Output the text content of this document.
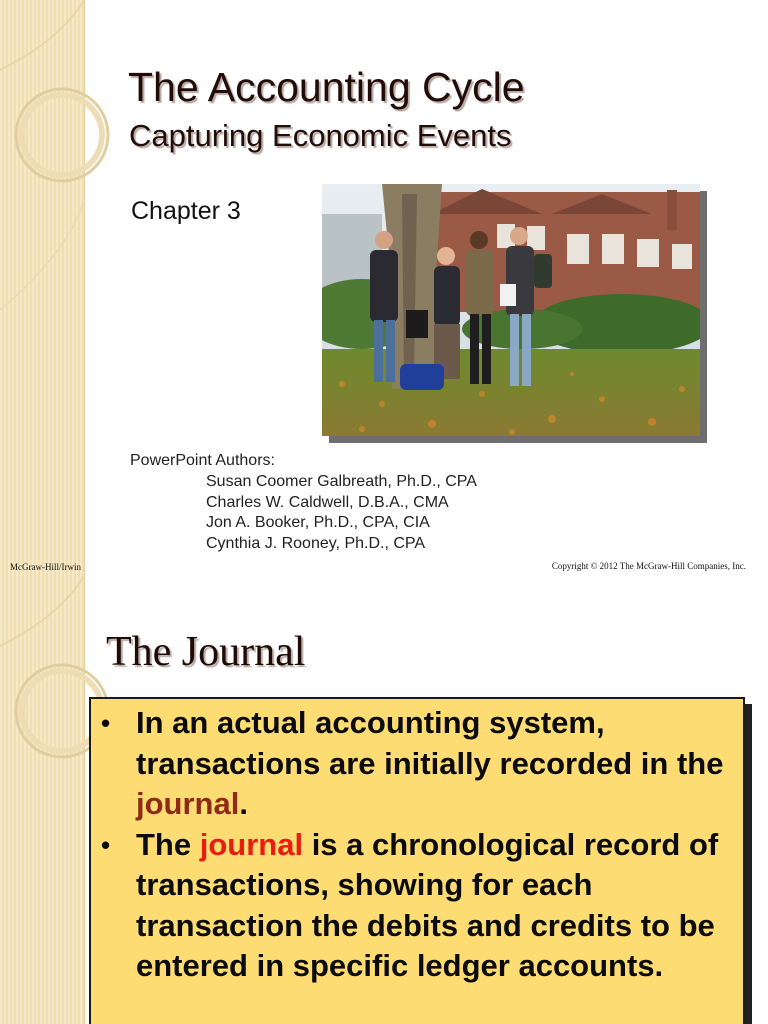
The Accounting Cycle
Capturing Economic Events
Chapter 3
PowerPoint Authors:
Susan Coomer Galbreath, Ph.D., CPA
Charles W. Caldwell, D.B.A., CMA
Jon A. Booker, Ph.D., CPA, CIA
Cynthia J. Rooney, Ph.D., CPA
McGraw-Hill/Irwin	Copyright © 2012 The McGraw-Hill Companies, Inc.
The Journal
• In an actual accounting system, transactions are initially recorded in the journal.
• The journal is a chronological record of transactions, showing for each transaction the debits and credits to be entered in specific ledger accounts.
